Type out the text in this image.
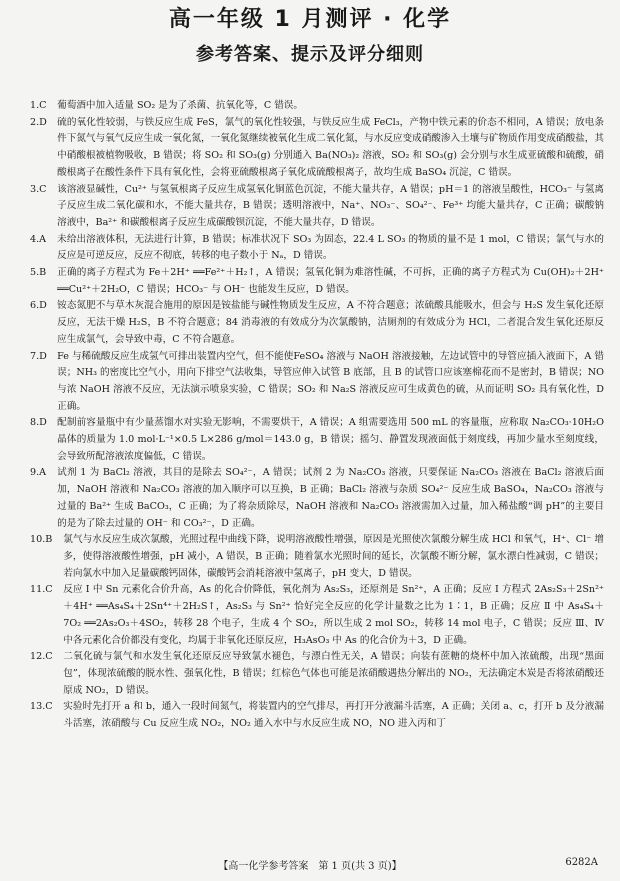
高一年级 1 月测评 · 化学
参考答案、提示及评分细则
1.C	葡萄酒中加入适量 SO₂ 是为了杀菌、抗氧化等，C 错误。
2.D	硫的氧化性较弱，与铁反应生成 FeS，氯气的氧化性较强，与铁反应生成 FeCl₃，产物中铁元素的价态不相同，A 错误；放电条件下氮气与氧气反应生成一氧化氮，一氧化氮继续被氧化生成二氧化氮，与水反应变成硝酸渗入土壤与矿物质作用变成硝酸盐，其中硝酸根被植物吸收，B 错误；将 SO₂ 和 SO₃(g) 分别通入 Ba(NO₃)₂ 溶液，SO₂ 和 SO₃(g) 会分别与水生成亚硫酸和硫酸，硝酸根离子在酸性条件下具有氧化性，会将亚硫酸根离子氧化成硫酸根离子，故均生成 BaSO₄ 沉淀，C 错误。
3.C	该溶液显碱性，Cu²⁺ 与氢氧根离子反应生成氢氧化铜蓝色沉淀，不能大量共存，A 错误；pH＝1 的溶液呈酸性，HCO₃⁻ 与氢离子反应生成二氧化碳和水，不能大量共存，B 错误；透明溶液中，Na⁺、NO₃⁻、SO₄²⁻、Fe³⁺ 均能大量共存，C 正确；碳酸钠溶液中，Ba²⁺ 和碳酸根离子反应生成碳酸钡沉淀，不能大量共存，D 错误。
4.A	未给出溶液体积，无法进行计算，B 错误；标准状况下 SO₃ 为固态，22.4 L SO₃ 的物质的量不是 1 mol，C 错误；氯气与水的反应是可逆反应，反应不彻底，转移的电子数小于 Nₐ，D 错误。
5.B	正确的离子方程式为 Fe＋2H⁺ ══Fe²⁺＋H₂↑，A 错误；氢氧化铜为难溶性碱，不可拆，正确的离子方程式为 Cu(OH)₂＋2H⁺ ══Cu²⁺＋2H₂O，C 错误；HCO₃⁻ 与 OH⁻ 也能发生反应，D 错误。
6.D	铵态氮肥不与草木灰混合施用的原因是铵盐能与碱性物质发生反应，A 不符合题意；浓硫酸具能吸水，但会与 H₂S 发生氧化还原反应，无法干燥 H₂S，B 不符合题意；84 消毒液的有效成分为次氯酸钠，洁厕剂的有效成分为 HCl，二者混合发生氧化还原反应生成氯气，会导致中毒，C 不符合题意。
7.D	Fe 与稀硫酸反应生成氢气可排出装置内空气，但不能使FeSO₄ 溶液与 NaOH 溶液接触，左边试管中的导管应插入液面下，A 错误；NH₃ 的密度比空气小，用向下排空气法收集，导管应伸入试管 B 底部，且 B 的试管口应该塞棉花而不是密封，B 错误；NO 与浓 NaOH 溶液不反应，无法演示喷泉实验，C 错误；SO₂ 和 Na₂S 溶液反应可生成黄色的硫，从而证明 SO₂ 具有氧化性，D 正确。
8.D	配制前容量瓶中有少量蒸馏水对实验无影响，不需要烘干，A 错误；A 组需要选用 500 mL 的容量瓶，应称取 Na₂CO₃·10H₂O 晶体的质量为 1.0 mol·L⁻¹×0.5 L×286 g/mol＝143.0 g，B 错误；摇匀、静置发现液面低于刻度线，再加少量水至刻度线，会导致所配溶液浓度偏低，C 错误。
9.A	试剂 1 为 BaCl₂ 溶液，其目的是除去 SO₄²⁻，A 错误；试剂 2 为 Na₂CO₃ 溶液，只要保证 Na₂CO₃ 溶液在 BaCl₂ 溶液后面加，NaOH 溶液和 Na₂CO₃ 溶液的加入顺序可以互换，B 正确；BaCl₂ 溶液与杂质 SO₄²⁻ 反应生成 BaSO₄，Na₂CO₃ 溶液与过量的 Ba²⁺ 生成 BaCO₃，C 正确；为了将杂质除尽，NaOH 溶液和 Na₂CO₃ 溶液需加入过量，加入稀盐酸“调 pH”的主要目的是为了除去过量的 OH⁻ 和 CO₃²⁻，D 正确。
10.B	氯气与水反应生成次氯酸，光照过程中曲线下降，说明溶液酸性增强，原因是光照使次氯酸分解生成 HCl 和氧气，H⁺、Cl⁻ 增多，使得溶液酸性增强，pH 减小，A 错误，B 正确；随着氯水光照时间的延长，次氯酸不断分解，氯水漂白性减弱，C 错误；若向氯水中加入足量碳酸钙固体，碳酸钙会消耗溶液中氢离子，pH 变大，D 错误。
11.C	反应 Ⅰ 中 Sn 元素化合价升高，As 的化合价降低，氧化剂为 As₂S₃，还原剂是 Sn²⁺，A 正确；反应 Ⅰ 方程式 2As₂S₃＋2Sn²⁺＋4H⁺ ══As₄S₄＋2Sn⁴⁺＋2H₂S↑，As₂S₃ 与 Sn²⁺ 恰好完全反应的化学计量数之比为 1∶1，B 正确；反应 Ⅱ 中 As₄S₄＋7O₂ ══2As₂O₃＋4SO₂，转移 28 个电子，生成 4 个 SO₂，所以生成 2 mol SO₂，转移 14 mol 电子，C 错误；反应 Ⅲ、Ⅳ 中各元素化合价都没有变化，均属于非氧化还原反应，H₃AsO₃ 中 As 的化合价为＋3，D 正确。
12.C	二氧化硫与氯气和水发生氧化还原反应导致氯水褪色，与漂白性无关，A 错误；向装有蔗糖的烧杯中加入浓硫酸，出现“黑面包”，体现浓硫酸的脱水性、强氧化性，B 错误；红棕色气体也可能是浓硝酸遇热分解出的 NO₂，无法确定木炭是否将浓硝酸还原成 NO₂，D 错误。
13.C	实验时先打开 a 和 b，通入一段时间氮气，将装置内的空气排尽，再打开分液漏斗活塞，A 正确；关闭 a、c，打开 b 及分液漏斗活塞，浓硝酸与 Cu 反应生成 NO₂，NO₂ 通入水中与水反应生成 NO，NO 进入丙和丁
【高一化学参考答案　第 1 页(共 3 页)】	6282A
